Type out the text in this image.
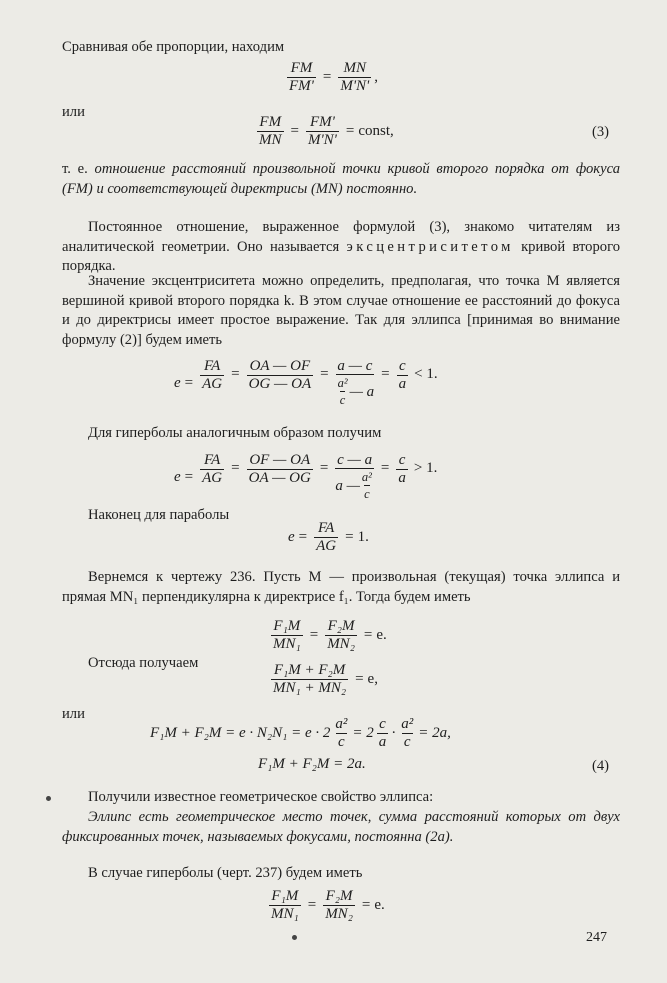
Сравнивая обе пропорции, находим

$\frac{FM}{FM'} = \frac{MN}{M'N'}$ ,
или
$\frac{FM}{MN} = \frac{FM'}{M'N'}$ = const,	(3)

т. е. отношение расстояний произвольной точки кривой второго порядка от фокуса (FM) и соответствующей директрисы (MN) постоянно.

Постоянное отношение, выраженное формулой (3), знакомо читателям из аналитической геометрии. Оно называется эксцентриситетом кривой второго порядка.

Значение эксцентриситета можно определить, предполагая, что точка M является вершиной кривой второго порядка k. В этом случае отношение ее расстояний до фокуса и до директрисы имеет простое выражение. Так для эллипса [принимая во внимание формулу (2)] будем иметь

$e = \frac{FA}{AG} = \frac{OA — OF}{OG — OA} = a$ — c
a²
c
— $a = \frac{c}{a} < 1$.

Для гиперболы аналогичным образом получим

$e = \frac{FA}{AG} = \frac{OF — OA}{OA — OG} = c$ — a
a —
a²
$c = \frac{c}{a} > 1$.

Наконец для параболы

$e = \frac{FA}{AG} = 1$.

Вернемся к чертежу 236. Пусть M — произвольная (текущая) точка эллипса и прямая MN₁ перпендикулярна к директрисе f₁. Тогда будем иметь

$\frac{\text{F₁M}}{\text{MN₁}} = \frac{\text{F₂M}}{\text{MN₂}} = e$.

Отсюда получаем	$\frac{\text{F₁M + F₂M}}{\text{MN₁ + MN₂}} = e$,
или
$F_1M + F_2M = e \cdot N_2N_1 = e \cdot 2 \frac{\text{a²}}{c} = 2$
c
a
· $\frac{\text{a²}}{c} = 2a$,
F₁M + F₂M = 2a.	(4)

Получили известное геометрическое свойство эллипса:

Эллипс есть геометрическое место точек, сумма расстояний которых от двух фиксированных точек, называемых фокусами, постоянна (2a).

В случае гиперболы (черт. 237) будем иметь

$\frac{\text{F₁M}}{\text{MN₁}} = \frac{\text{F₂M}}{\text{MN₂}} = e$.
247
